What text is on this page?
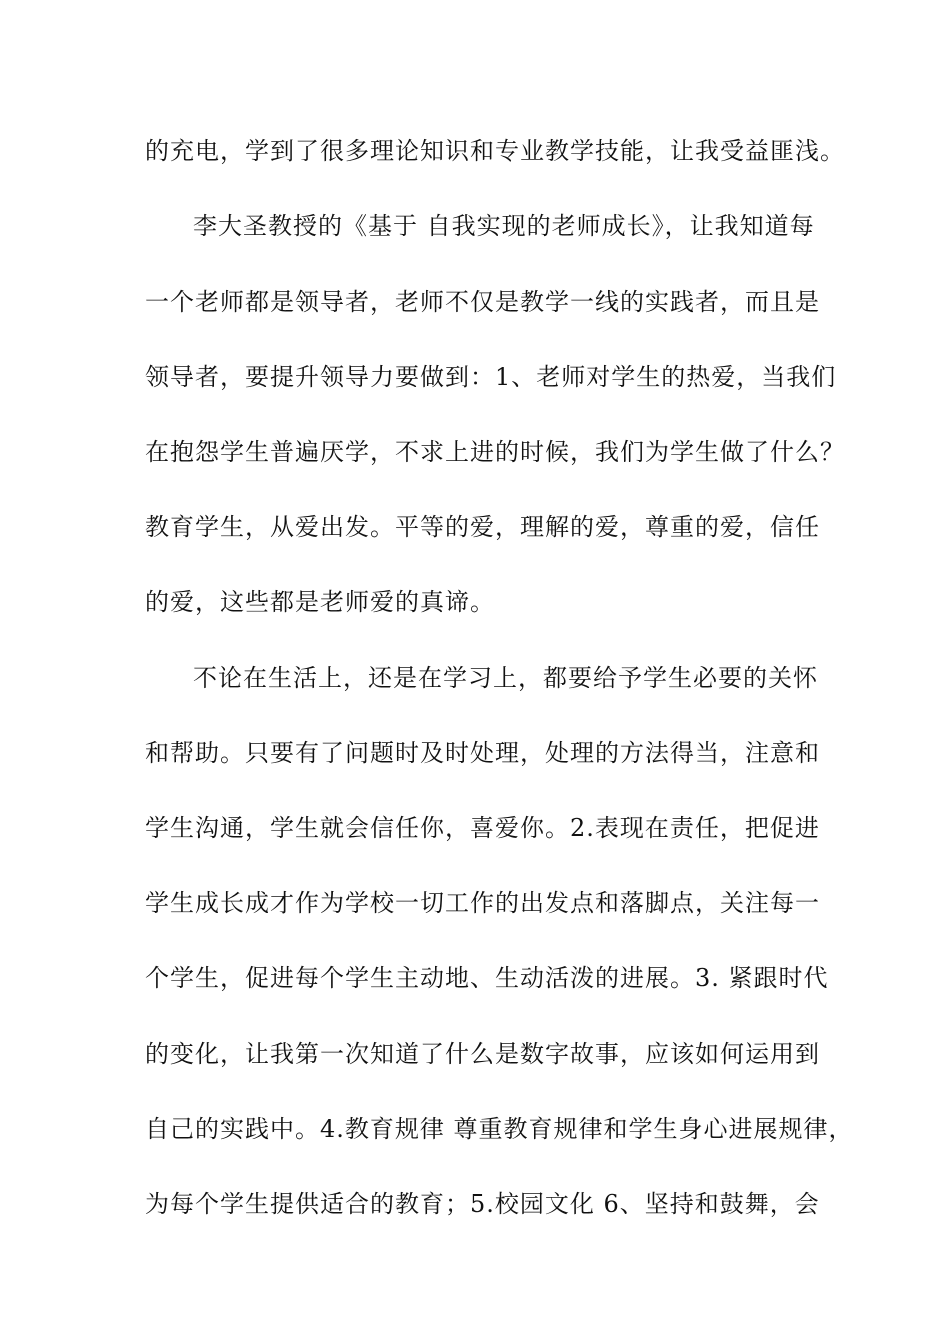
的充电，学到了很多理论知识和专业教学技能，让我受益匪浅。
李大圣教授的《基于 自我实现的老师成长》，让我知道每
一个老师都是领导者，老师不仅是教学一线的实践者，而且是
领导者，要提升领导力要做到：1、老师对学生的热爱，当我们
在抱怨学生普遍厌学，不求上进的时候，我们为学生做了什么？
教育学生，从爱出发。平等的爱，理解的爱，尊重的爱，信任
的爱，这些都是老师爱的真谛。
不论在生活上，还是在学习上，都要给予学生必要的关怀
和帮助。只要有了问题时及时处理，处理的方法得当，注意和
学生沟通，学生就会信任你，喜爱你。2.表现在责任，把促进
学生成长成才作为学校一切工作的出发点和落脚点，关注每一
个学生，促进每个学生主动地、生动活泼的进展。3. 紧跟时代
的变化，让我第一次知道了什么是数字故事，应该如何运用到
自己的实践中。4.教育规律 尊重教育规律和学生身心进展规律，
为每个学生提供适合的教育；5.校园文化 6、坚持和鼓舞，会
